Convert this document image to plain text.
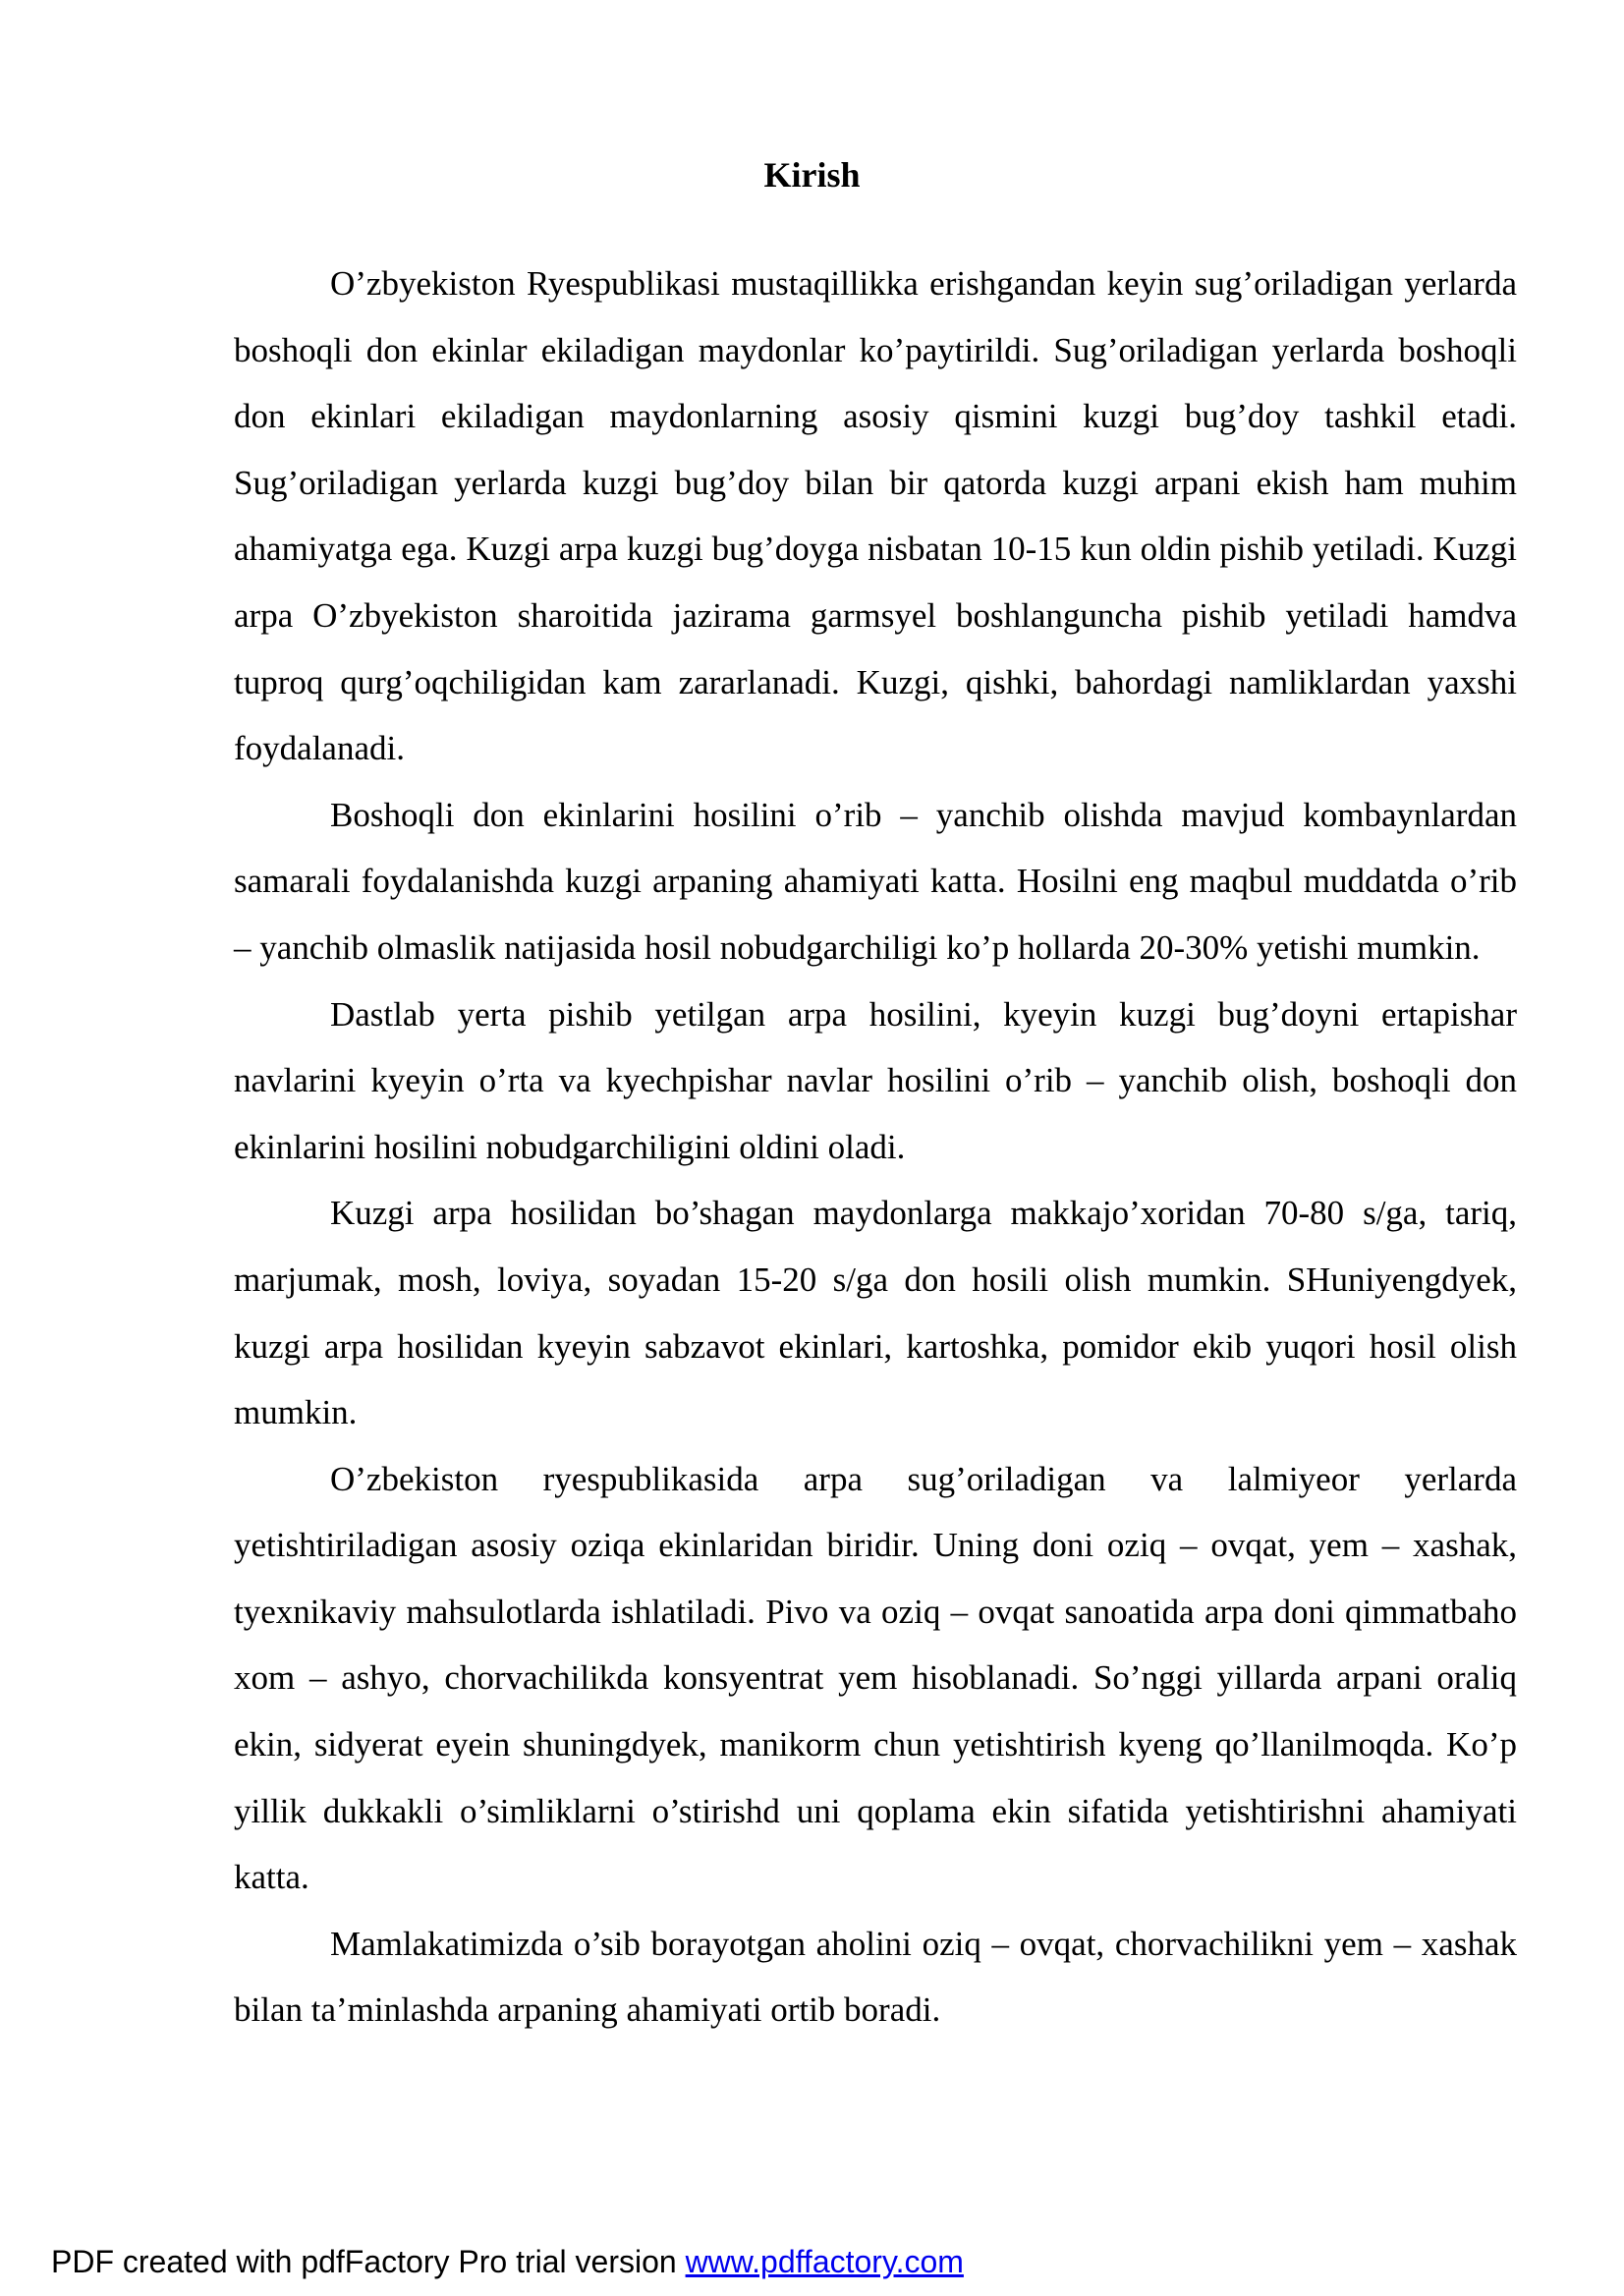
Kirish

O’zbyekiston Ryespublikasi mustaqillikka erishgandan keyin sug’oriladigan yerlarda boshoqli don ekinlar ekiladigan maydonlar ko’paytirildi. Sug’oriladigan yerlarda boshoqli don ekinlari ekiladigan maydonlarning asosiy qismini kuzgi bug’doy tashkil etadi. Sug’oriladigan yerlarda kuzgi bug’doy bilan bir qatorda kuzgi arpani ekish ham muhim ahamiyatga ega. Kuzgi arpa kuzgi bug’doyga nisbatan 10-15 kun oldin pishib yetiladi. Kuzgi arpa O’zbyekiston sharoitida jazirama garmsyel boshlanguncha pishib yetiladi hamdva tuproq qurg’oqchiligidan kam zararlanadi. Kuzgi, qishki, bahordagi namliklardan yaxshi foydalanadi.

Boshoqli don ekinlarini hosilini o’rib – yanchib olishda mavjud kombaynlardan samarali foydalanishda kuzgi arpaning ahamiyati katta. Hosilni eng maqbul muddatda o’rib – yanchib olmaslik natijasida hosil nobudgarchiligi ko’p hollarda 20-30% yetishi mumkin.

Dastlab yerta pishib yetilgan arpa hosilini, kyeyin kuzgi bug’doyni ertapishar navlarini kyeyin o’rta va kyechpishar navlar hosilini o’rib – yanchib olish, boshoqli don ekinlarini hosilini nobudgarchiligini oldini oladi.

Kuzgi arpa hosilidan bo’shagan maydonlarga makkajo’xoridan 70-80 s/ga, tariq, marjumak, mosh, loviya, soyadan 15-20 s/ga don hosili olish mumkin. SHuniyengdyek, kuzgi arpa hosilidan kyeyin sabzavot ekinlari, kartoshka, pomidor ekib yuqori hosil olish mumkin.

O’zbekiston ryespublikasida arpa sug’oriladigan va lalmiyeor yerlarda yetishtiriladigan asosiy oziqa ekinlaridan biridir. Uning doni oziq – ovqat, yem – xashak, tyexnikaviy mahsulotlarda ishlatiladi. Pivo va oziq – ovqat sanoatida arpa doni qimmatbaho xom – ashyo, chorvachilikda konsyentrat yem hisoblanadi. So’nggi yillarda arpani oraliq ekin, sidyerat eyein shuningdyek, manikorm chun yetishtirish kyeng qo’llanilmoqda. Ko’p yillik dukkakli o’simliklarni o’stirishd uni qoplama ekin sifatida yetishtirishni ahamiyati katta.

Mamlakatimizda o’sib borayotgan aholini oziq – ovqat, chorvachilikni yem – xashak bilan ta’minlashda arpaning ahamiyati ortib boradi.

PDF created with pdfFactory Pro trial version www.pdffactory.com
